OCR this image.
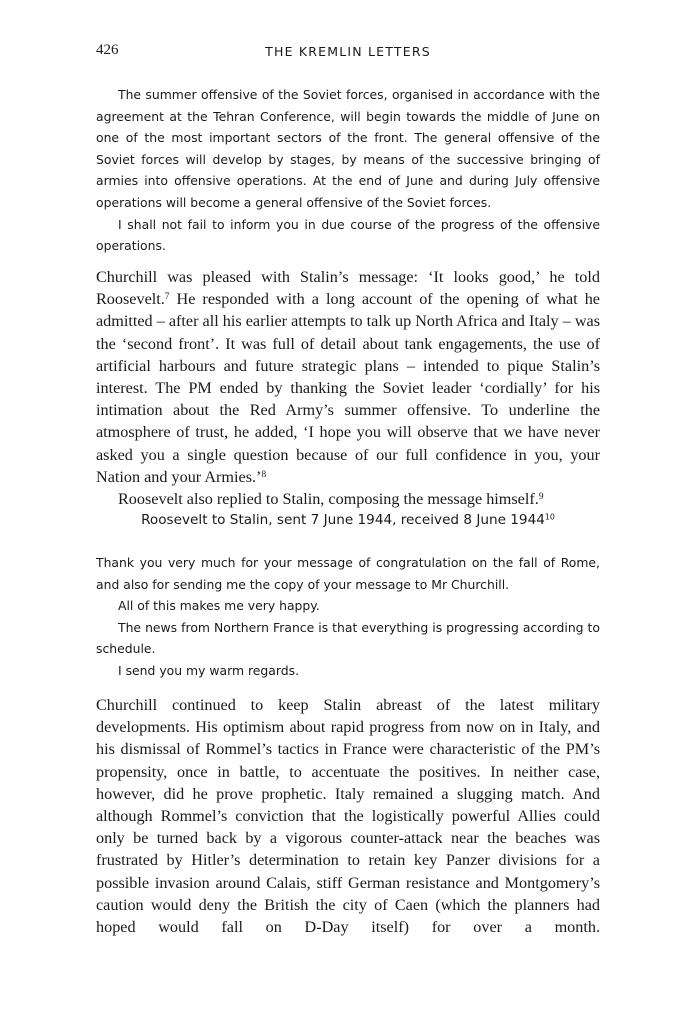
426	THE KREMLIN LETTERS

The summer offensive of the Soviet forces, organised in accordance with the agreement at the Tehran Conference, will begin towards the middle of June on one of the most important sectors of the front. The general offensive of the Soviet forces will develop by stages, by means of the successive bringing of armies into offensive operations. At the end of June and during July offensive operations will become a general offensive of the Soviet forces.

I shall not fail to inform you in due course of the progress of the offensive operations.

Churchill was pleased with Stalin’s message: ‘It looks good,’ he told Roosevelt.$^7$ He responded with a long account of the opening of what he admitted – after all his earlier attempts to talk up North Africa and Italy – was the ‘second front’. It was full of detail about tank engagements, the use of artificial harbours and future strategic plans – intended to pique Stalin’s interest. The PM ended by thanking the Soviet leader ‘cordially’ for his intimation about the Red Army’s summer offensive. To underline the atmosphere of trust, he added, ‘I hope you will observe that we have never asked you a single question because of our full confidence in you, your Nation and your Armies.’$^8$

Roosevelt also replied to Stalin, composing the message himself.$^9$

Roosevelt to Stalin, sent 7 June 1944, received 8 June 1944$^{10}$

Thank you very much for your message of congratulation on the fall of Rome, and also for sending me the copy of your message to Mr Churchill.

All of this makes me very happy.

The news from Northern France is that everything is progressing according to schedule.

I send you my warm regards.

Churchill continued to keep Stalin abreast of the latest military developments. His optimism about rapid progress from now on in Italy, and his dismissal of Rommel’s tactics in France were characteristic of the PM’s propensity, once in battle, to accentuate the positives. In neither case, however, did he prove prophetic. Italy remained a slugging match. And although Rommel’s conviction that the logistically powerful Allies could only be turned back by a vigorous counter-attack near the beaches was frustrated by Hitler’s determination to retain key Panzer divisions for a possible invasion around Calais, stiff German resistance and Montgomery’s caution would deny the British the city of Caen (which the planners had hoped would fall on D-Day itself) for over a month.
